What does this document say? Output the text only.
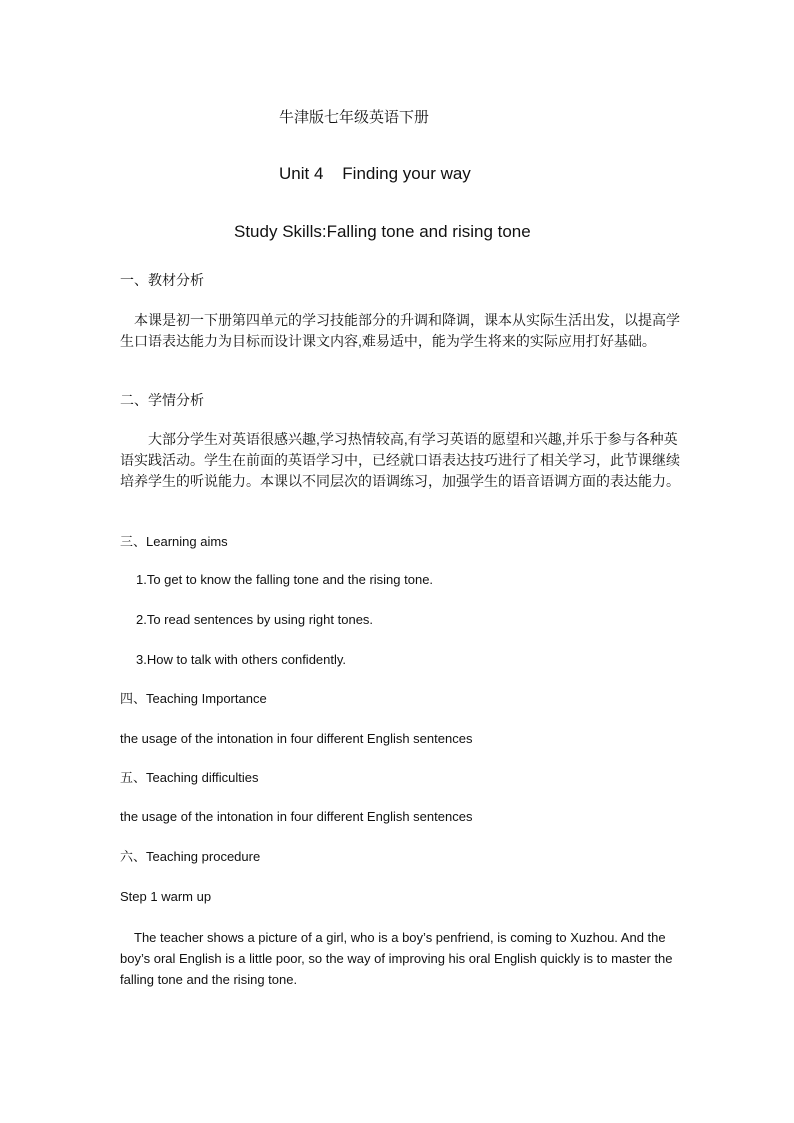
牛津版七年级英语下册
Unit 4    Finding your way
Study Skills:Falling tone and rising tone
一、教材分析
本课是初一下册第四单元的学习技能部分的升调和降调，课本从实际生活出发，以提高学生口语表达能力为目标而设计课文内容,难易适中，能为学生将来的实际应用打好基础。
二、学情分析
大部分学生对英语很感兴趣,学习热情较高,有学习英语的愿望和兴趣,并乐于参与各种英语实践活动。学生在前面的英语学习中，已经就口语表达技巧进行了相关学习，此节课继续培养学生的听说能力。本课以不同层次的语调练习，加强学生的语音语调方面的表达能力。
三、Learning aims
1.To get to know the falling tone and the rising tone.
2.To read sentences by using right tones.
3.How to talk with others confidently.
四、Teaching Importance
the usage of the intonation in four different English sentences
五、Teaching difficulties
the usage of the intonation in four different English sentences
六、Teaching procedure
Step 1 warm up
The teacher shows a picture of a girl, who is a boy’s penfriend, is coming to Xuzhou. And the boy’s oral English is a little poor, so the way of improving his oral English quickly is to master the falling tone and the rising tone.
